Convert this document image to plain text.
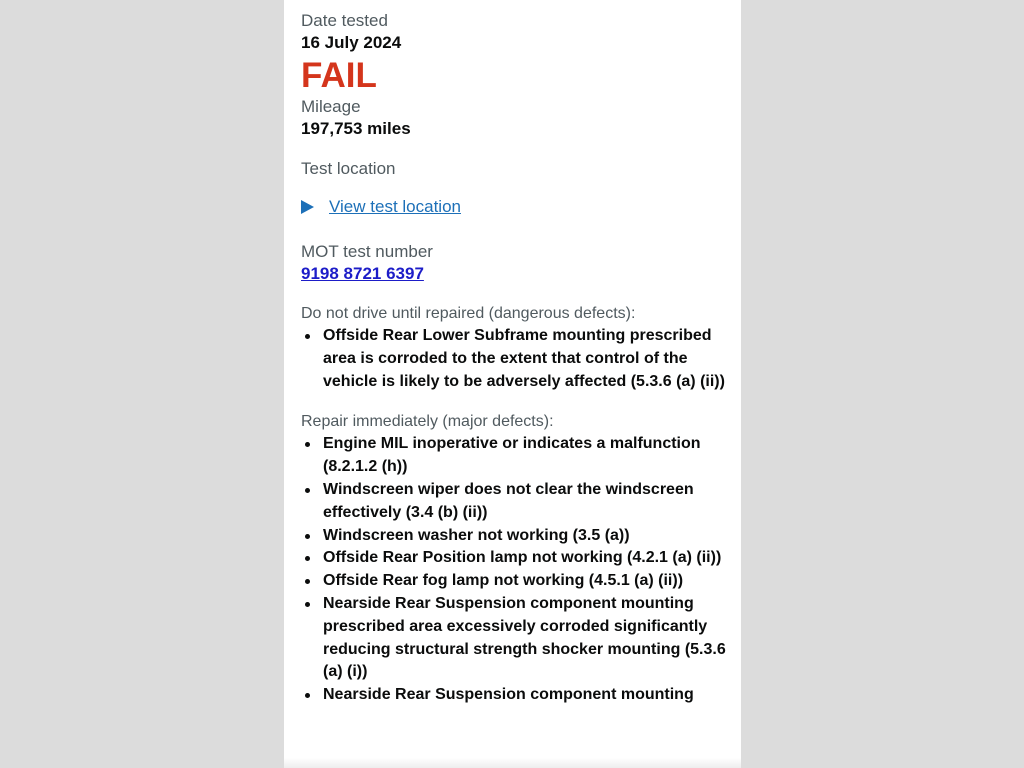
Date tested
16 July 2024
FAIL
Mileage
197,753 miles
Test location
View test location
MOT test number
9198 8721 6397
Do not drive until repaired (dangerous defects):
Offside Rear Lower Subframe mounting prescribed area is corroded to the extent that control of the vehicle is likely to be adversely affected (5.3.6 (a) (ii))
Repair immediately (major defects):
Engine MIL inoperative or indicates a malfunction (8.2.1.2 (h))
Windscreen wiper does not clear the windscreen effectively (3.4 (b) (ii))
Windscreen washer not working (3.5 (a))
Offside Rear Position lamp not working (4.2.1 (a) (ii))
Offside Rear fog lamp not working (4.5.1 (a) (ii))
Nearside Rear Suspension component mounting prescribed area excessively corroded significantly reducing structural strength shocker mounting (5.3.6 (a) (i))
Nearside Rear Suspension component mounting
